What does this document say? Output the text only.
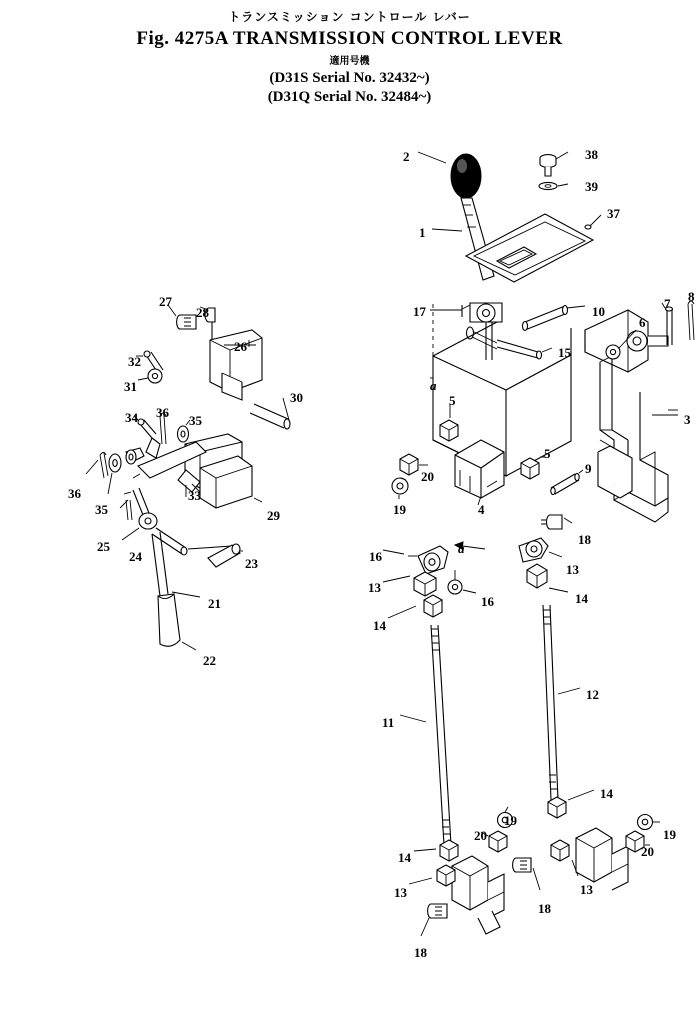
トランスミッション コントロール レバー
Fig. 4275A TRANSMISSION CONTROL LEVER
適用号機
(D31S Serial No. 32432~)
(D31Q Serial No. 32484~)
2	38
39
37
1
17	10
7 8
6
15
3
5
5
9
20
19	4
18
16
13
13
14
16
14
11
12
14
19
19
20
20
14
13
13
18
18
28
27
26
32
31
30
34 36
35
33
29
36
35
25
24	23
21
22
a
a
